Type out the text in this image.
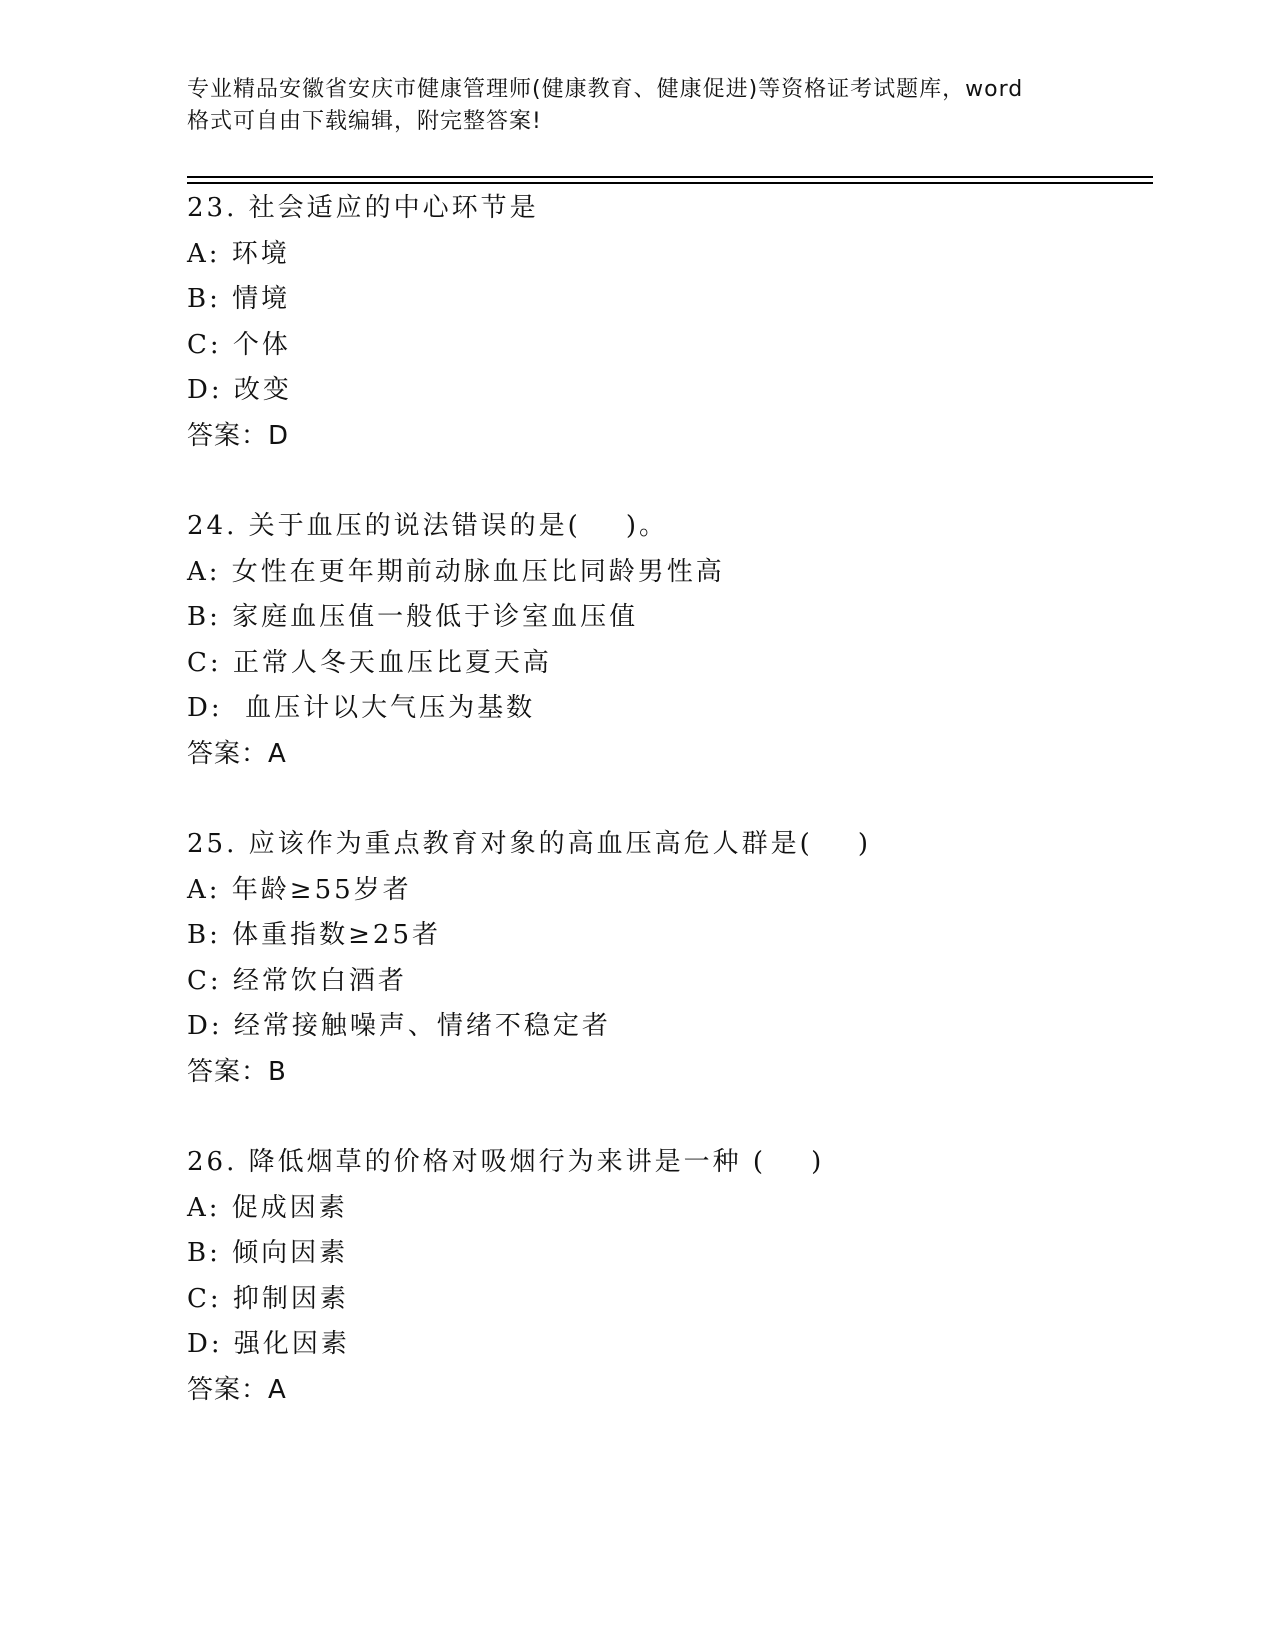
专业精品安徽省安庆市健康管理师(健康教育、健康促进)等资格证考试题库，word
格式可自由下载编辑，附完整答案!
23. 社会适应的中心环节是
A: 环境
B: 情境
C: 个体
D: 改变
答案：D
24. 关于血压的说法错误的是(    )。
A: 女性在更年期前动脉血压比同龄男性高
B: 家庭血压值一般低于诊室血压值
C: 正常人冬天血压比夏天高
D:  血压计以大气压为基数
答案：A
25. 应该作为重点教育对象的高血压高危人群是(    )
A: 年龄≥55岁者
B: 体重指数≥25者
C: 经常饮白酒者
D: 经常接触噪声、情绪不稳定者
答案：B
26. 降低烟草的价格对吸烟行为来讲是一种 (    )
A: 促成因素
B: 倾向因素
C: 抑制因素
D: 强化因素
答案：A
